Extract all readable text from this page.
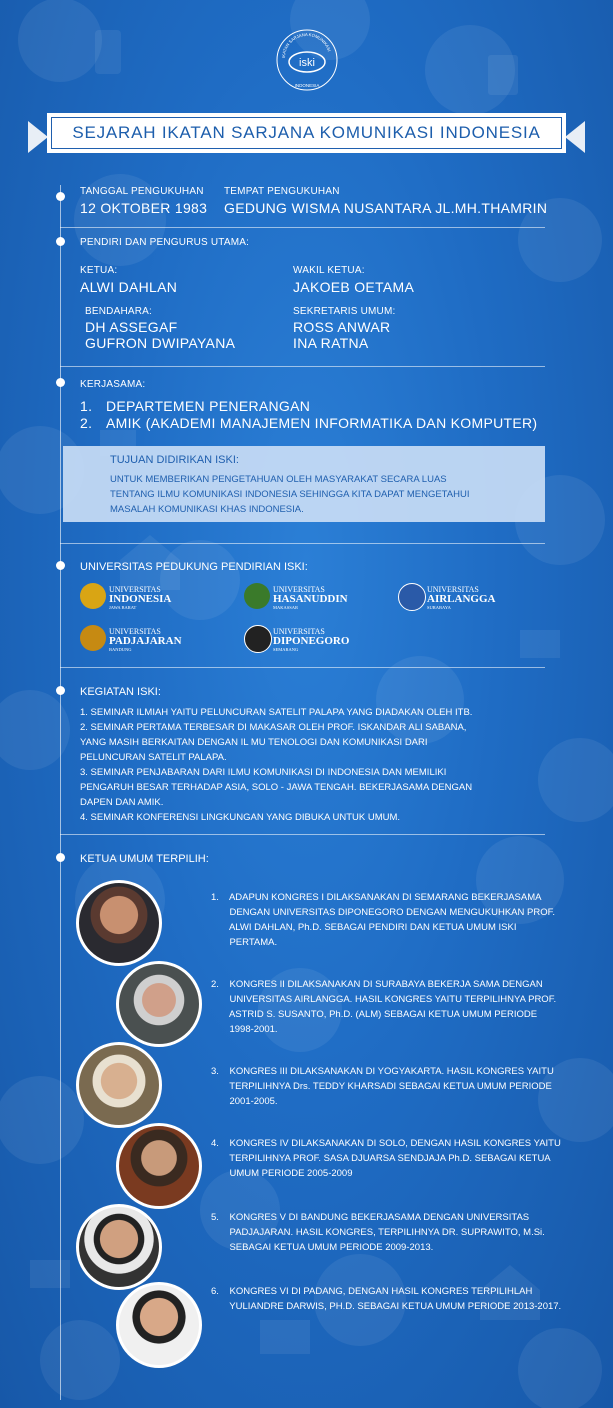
IKATAN SARJANA KOMUNIKASI
iski
INDONESIA
SEJARAH IKATAN SARJANA KOMUNIKASI INDONESIA
TANGGAL PENGUKUHAN
12 OKTOBER 1983
TEMPAT PENGUKUHAN
GEDUNG WISMA NUSANTARA JL.MH.THAMRIN
PENDIRI DAN PENGURUS UTAMA:
KETUA:
ALWI DAHLAN
WAKIL KETUA:
JAKOEB OETAMA
BENDAHARA:
DH ASSEGAF
GUFRON DWIPAYANA
SEKRETARIS UMUM:
ROSS ANWAR
INA RATNA
KERJASAMA:
1. DEPARTEMEN PENERANGAN
2. AMIK (AKADEMI MANAJEMEN INFORMATIKA DAN KOMPUTER)
TUJUAN DIDIRIKAN ISKI:
UNTUK MEMBERIKAN PENGETAHUAN OLEH MASYARAKAT SECARA LUAS
TENTANG ILMU KOMUNIKASI INDONESIA SEHINGGA KITA DAPAT MENGETAHUI
MASALAH KOMUNIKASI KHAS INDONESIA.
UNIVERSITAS PEDUKUNG PENDIRIAN ISKI:
UNIVERSITAS
INDONESIA
JAWA BARAT
UNIVERSITAS
HASANUDDIN
MAKASSAR
UNIVERSITAS
AIRLANGGA
SURABAYA
UNIVERSITAS
PADJAJARAN
BANDUNG
UNIVERSITAS
DIPONEGORO
SEMARANG
KEGIATAN ISKI:
1. SEMINAR ILMIAH YAITU PELUNCURAN SATELIT PALAPA YANG DIADAKAN OLEH ITB.
2. SEMINAR PERTAMA TERBESAR DI MAKASAR OLEH PROF. ISKANDAR ALI SABANA,
YANG MASIH BERKAITAN DENGAN IL MU TENOLOGI DAN KOMUNIKASI DARI
PELUNCURAN SATELIT PALAPA.
3. SEMINAR PENJABARAN DARI ILMU KOMUNIKASI DI INDONESIA DAN MEMILIKI
PENGARUH BESAR TERHADAP ASIA, SOLO - JAWA TENGAH. BEKERJASAMA DENGAN
DAPEN DAN AMIK.
4. SEMINAR KONFERENSI LINGKUNGAN YANG DIBUKA UNTUK UMUM.
KETUA UMUM TERPILIH:
1.    ADAPUN KONGRES I DILAKSANAKAN DI SEMARANG BEKERJASAMA
DENGAN UNIVERSITAS DIPONEGORO DENGAN MENGUKUHKAN PROF.
ALWI DAHLAN, Ph.D. SEBAGAI PENDIRI DAN KETUA UMUM ISKI
PERTAMA.
2.    KONGRES II DILAKSANAKAN DI SURABAYA BEKERJA SAMA DENGAN
UNIVERSITAS AIRLANGGA. HASIL KONGRES YAITU TERPILIHNYA PROF.
ASTRID S. SUSANTO, Ph.D. (ALM) SEBAGAI KETUA UMUM PERIODE
1998-2001.
3.    KONGRES III DILAKSANAKAN DI YOGYAKARTA. HASIL KONGRES YAITU
TERPILIHNYA Drs. TEDDY KHARSADI SEBAGAI KETUA UMUM PERIODE
2001-2005.
4.    KONGRES IV DILAKSANAKAN DI SOLO, DENGAN HASIL KONGRES YAITU
TERPILIHNYA PROF. SASA DJUARSA SENDJAJA Ph.D. SEBAGAI KETUA
UMUM PERIODE 2005-2009
5.    KONGRES V DI BANDUNG BEKERJASAMA DENGAN UNIVERSITAS
PADJAJARAN. HASIL KONGRES, TERPILIHNYA DR. SUPRAWITO, M.Si.
SEBAGAI KETUA UMUM PERIODE 2009-2013.
6.    KONGRES VI DI PADANG, DENGAN HASIL KONGRES TERPILIHLAH
YULIANDRE DARWIS, PH.D. SEBAGAI KETUA UMUM PERIODE 2013-2017.
